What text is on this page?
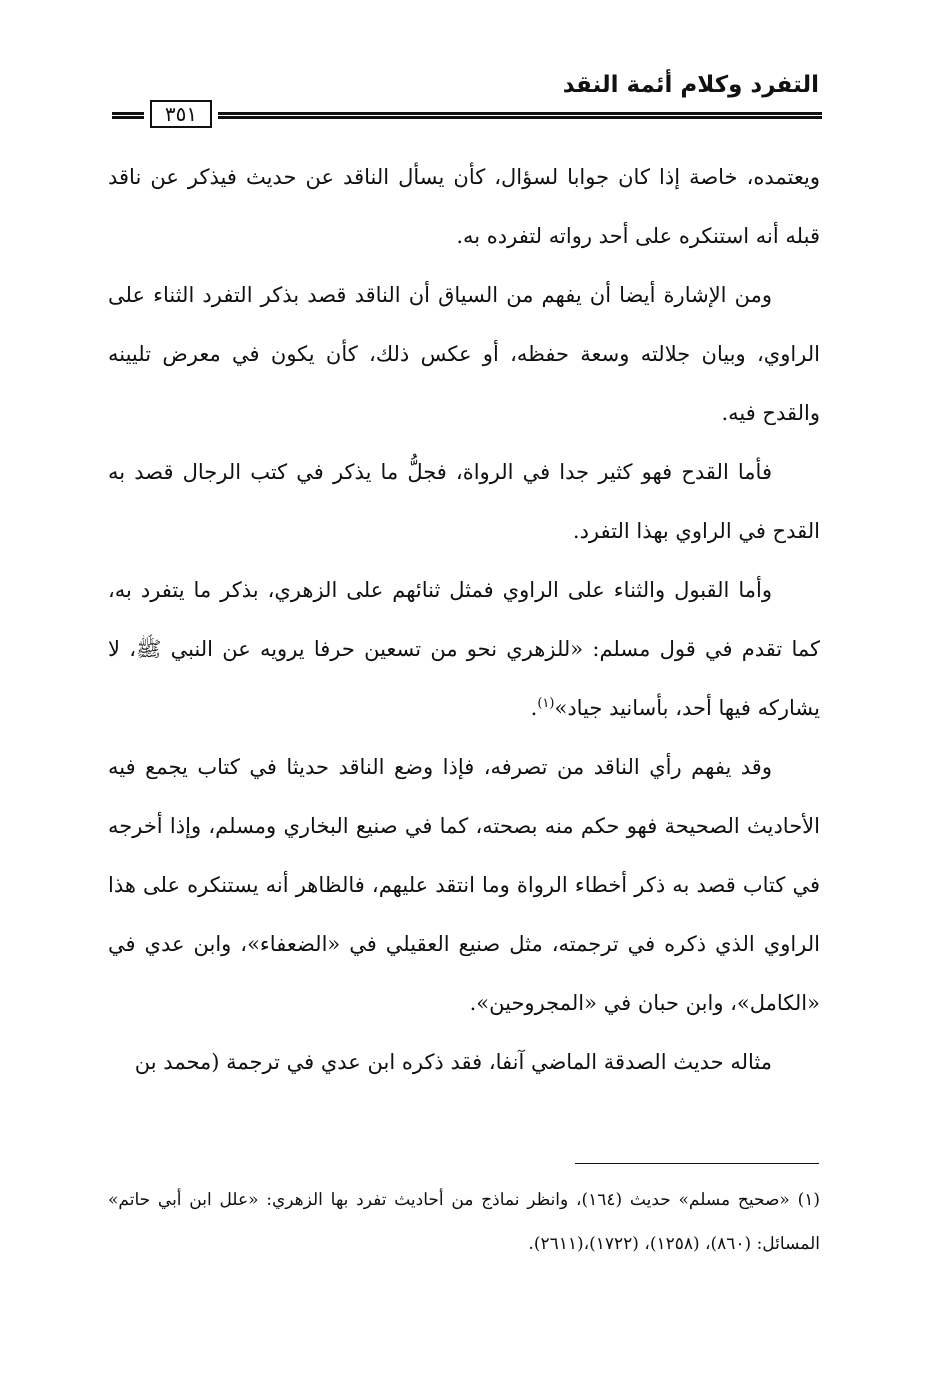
التفرد وكلام أئمة النقد
٣٥١

ويعتمده، خاصة إذا كان جوابا لسؤال، كأن يسأل الناقد عن حديث فيذكر عن ناقد قبله أنه استنكره على أحد رواته لتفرده به.

ومن الإشارة أيضا أن يفهم من السياق أن الناقد قصد بذكر التفرد الثناء على الراوي، وبيان جلالته وسعة حفظه، أو عكس ذلك، كأن يكون في معرض تليينه والقدح فيه.

فأما القدح فهو كثير جدا في الرواة، فجلُّ ما يذكر في كتب الرجال قصد به القدح في الراوي بهذا التفرد.

وأما القبول والثناء على الراوي فمثل ثنائهم على الزهري، بذكر ما يتفرد به، كما تقدم في قول مسلم: «للزهري نحو من تسعين حرفا يرويه عن النبي ﷺ، لا يشاركه فيها أحد، بأسانيد جياد»$^{(١)}$.

وقد يفهم رأي الناقد من تصرفه، فإذا وضع الناقد حديثا في كتاب يجمع فيه الأحاديث الصحيحة فهو حكم منه بصحته، كما في صنيع البخاري ومسلم، وإذا أخرجه في كتاب قصد به ذكر أخطاء الرواة وما انتقد عليهم، فالظاهر أنه يستنكره على هذا الراوي الذي ذكره في ترجمته، مثل صنيع العقيلي في «الضعفاء»، وابن عدي في «الكامل»، وابن حبان في «المجروحين».

مثاله حديث الصدقة الماضي آنفا، فقد ذكره ابن عدي في ترجمة (محمد بن

(١) «صحيح مسلم» حديث (١٦٤)، وانظر نماذج من أحاديث تفرد بها الزهري: «علل ابن أبي حاتم» المسائل: (٨٦٠)، (١٢٥٨)، (١٧٢٢)،(٢٦١١).
